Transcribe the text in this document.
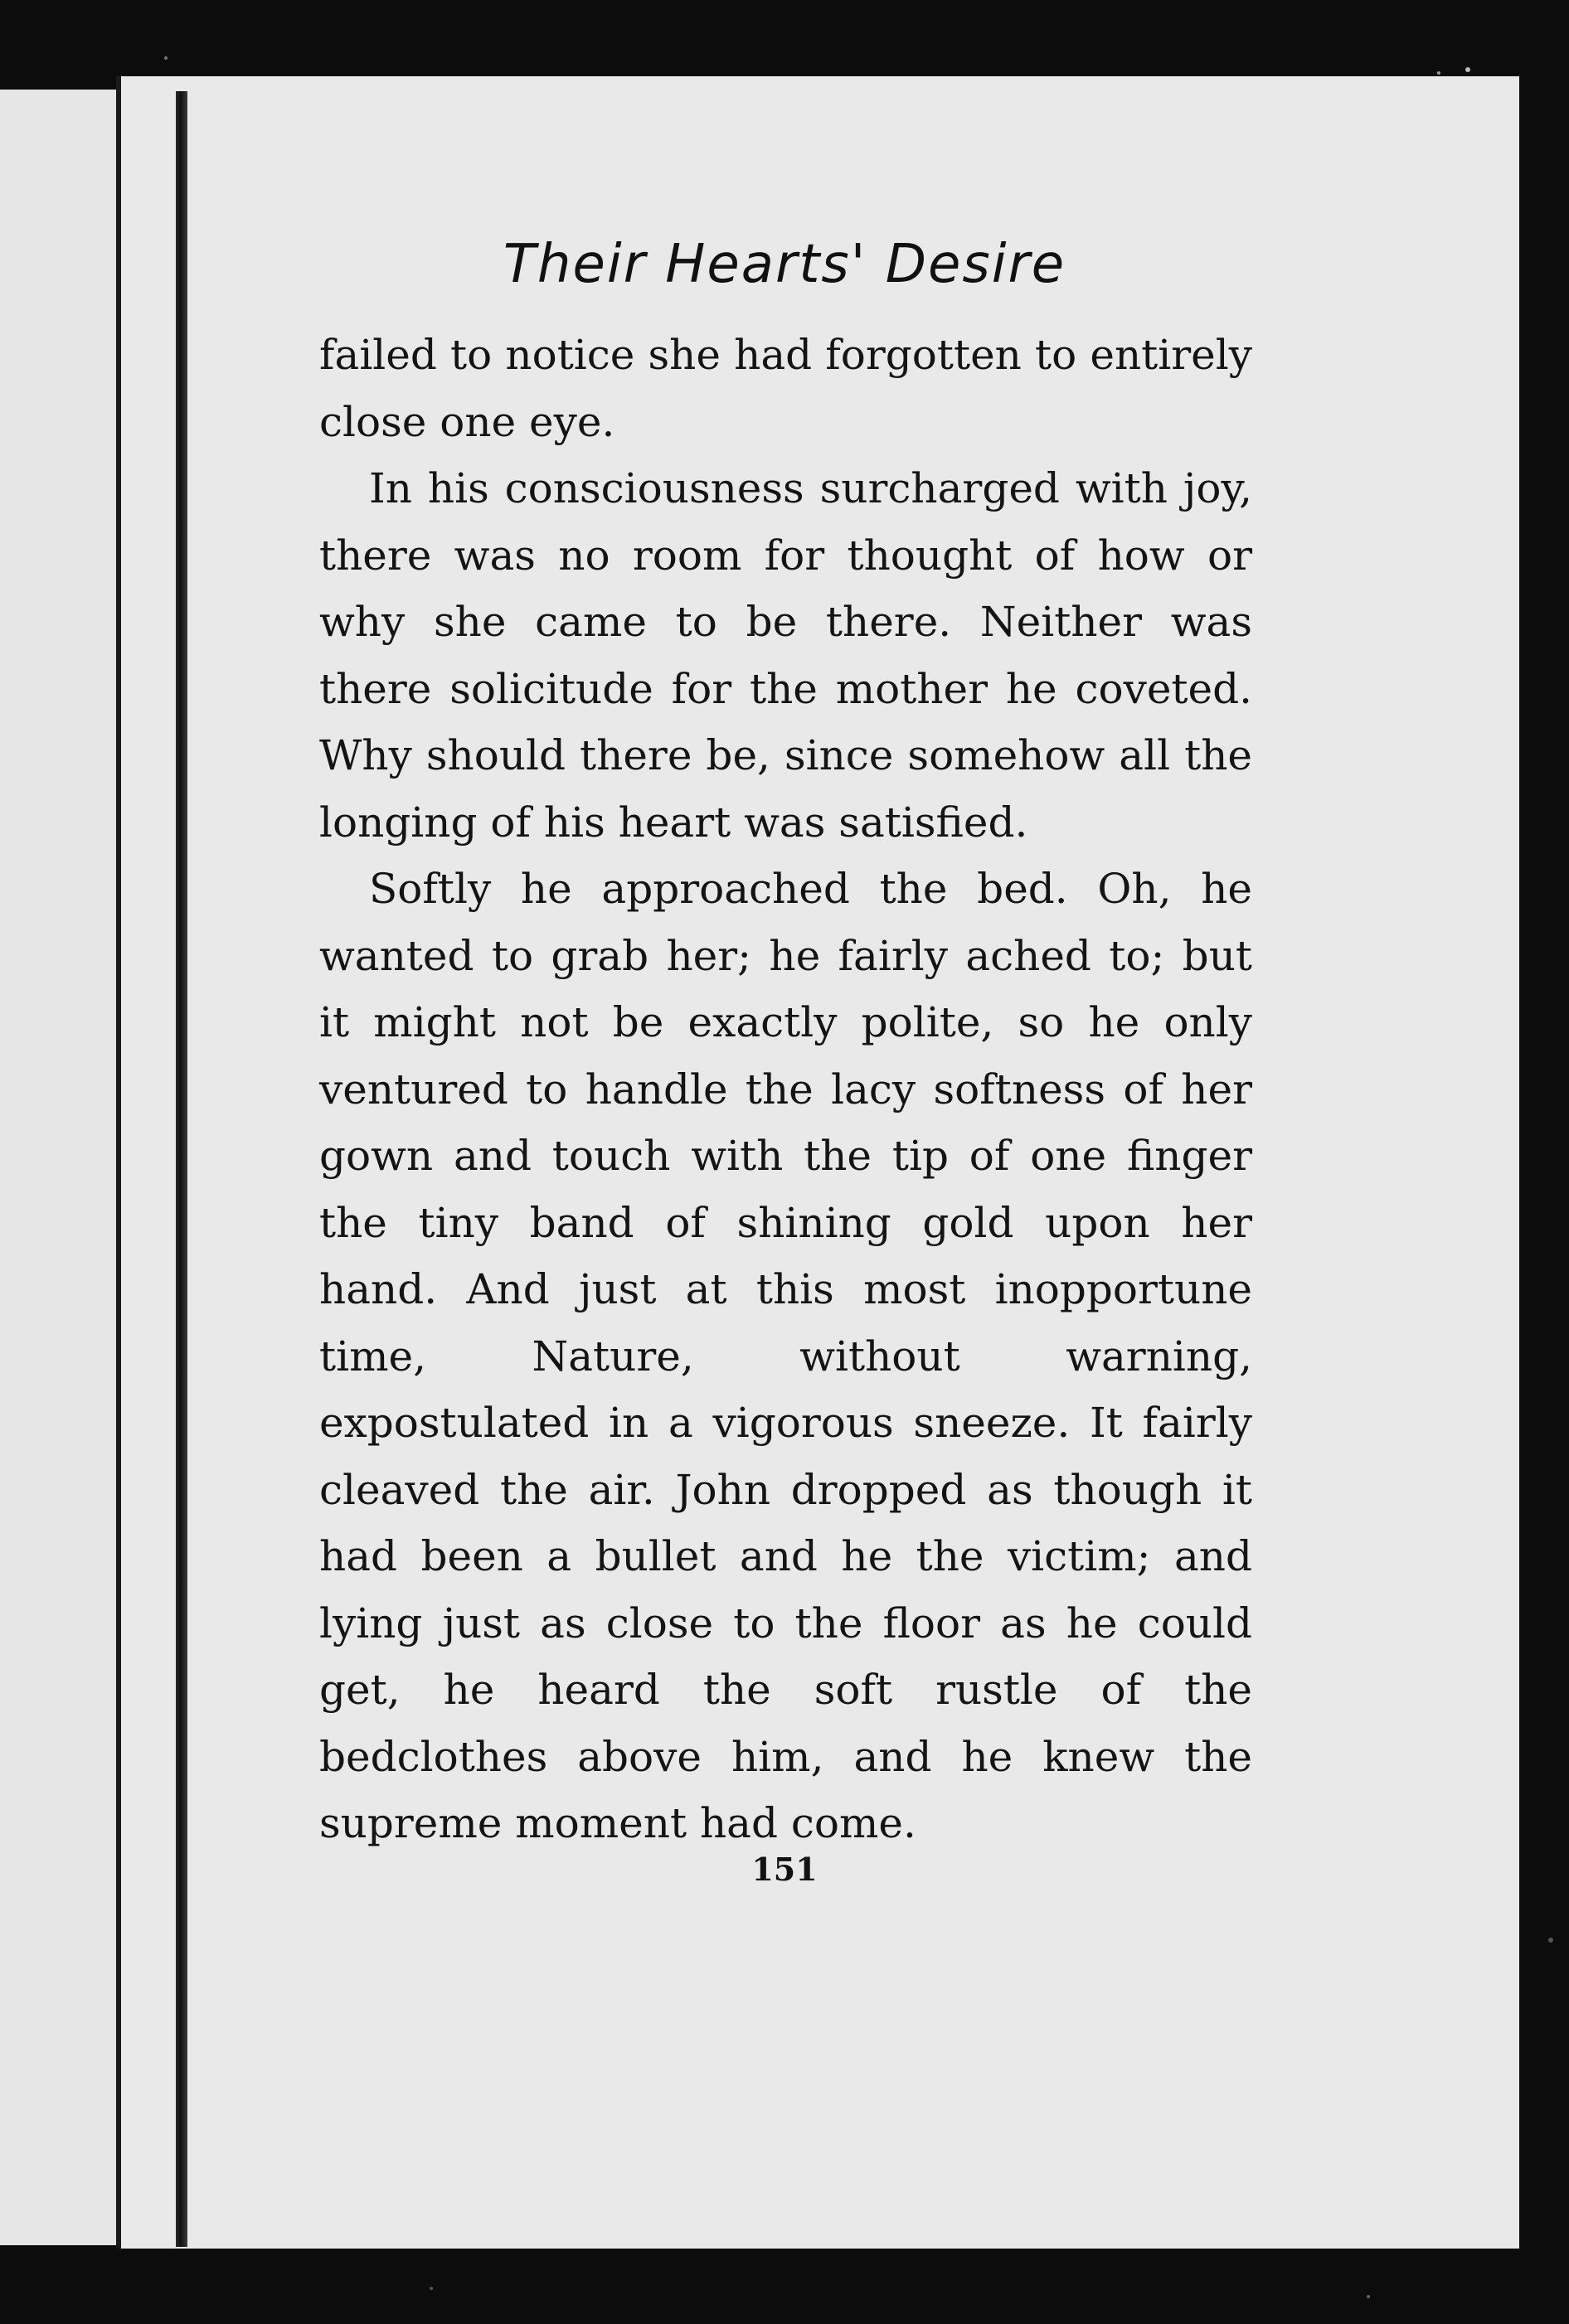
Their Hearts' Desire

failed to notice she had forgotten to entirely close one eye.

In his consciousness surcharged with joy, there was no room for thought of how or why she came to be there. Neither was there solicitude for the mother he coveted. Why should there be, since somehow all the longing of his heart was satisfied.

Softly he approached the bed. Oh, he wanted to grab her; he fairly ached to; but it might not be exactly polite, so he only ventured to handle the lacy softness of her gown and touch with the tip of one finger the tiny band of shining gold upon her hand. And just at this most inopportune time, Nature, without warning, expostulated in a vigorous sneeze. It fairly cleaved the air. John dropped as though it had been a bullet and he the victim; and lying just as close to the floor as he could get, he heard the soft rustle of the bedclothes above him, and he knew the supreme moment had come.

151
